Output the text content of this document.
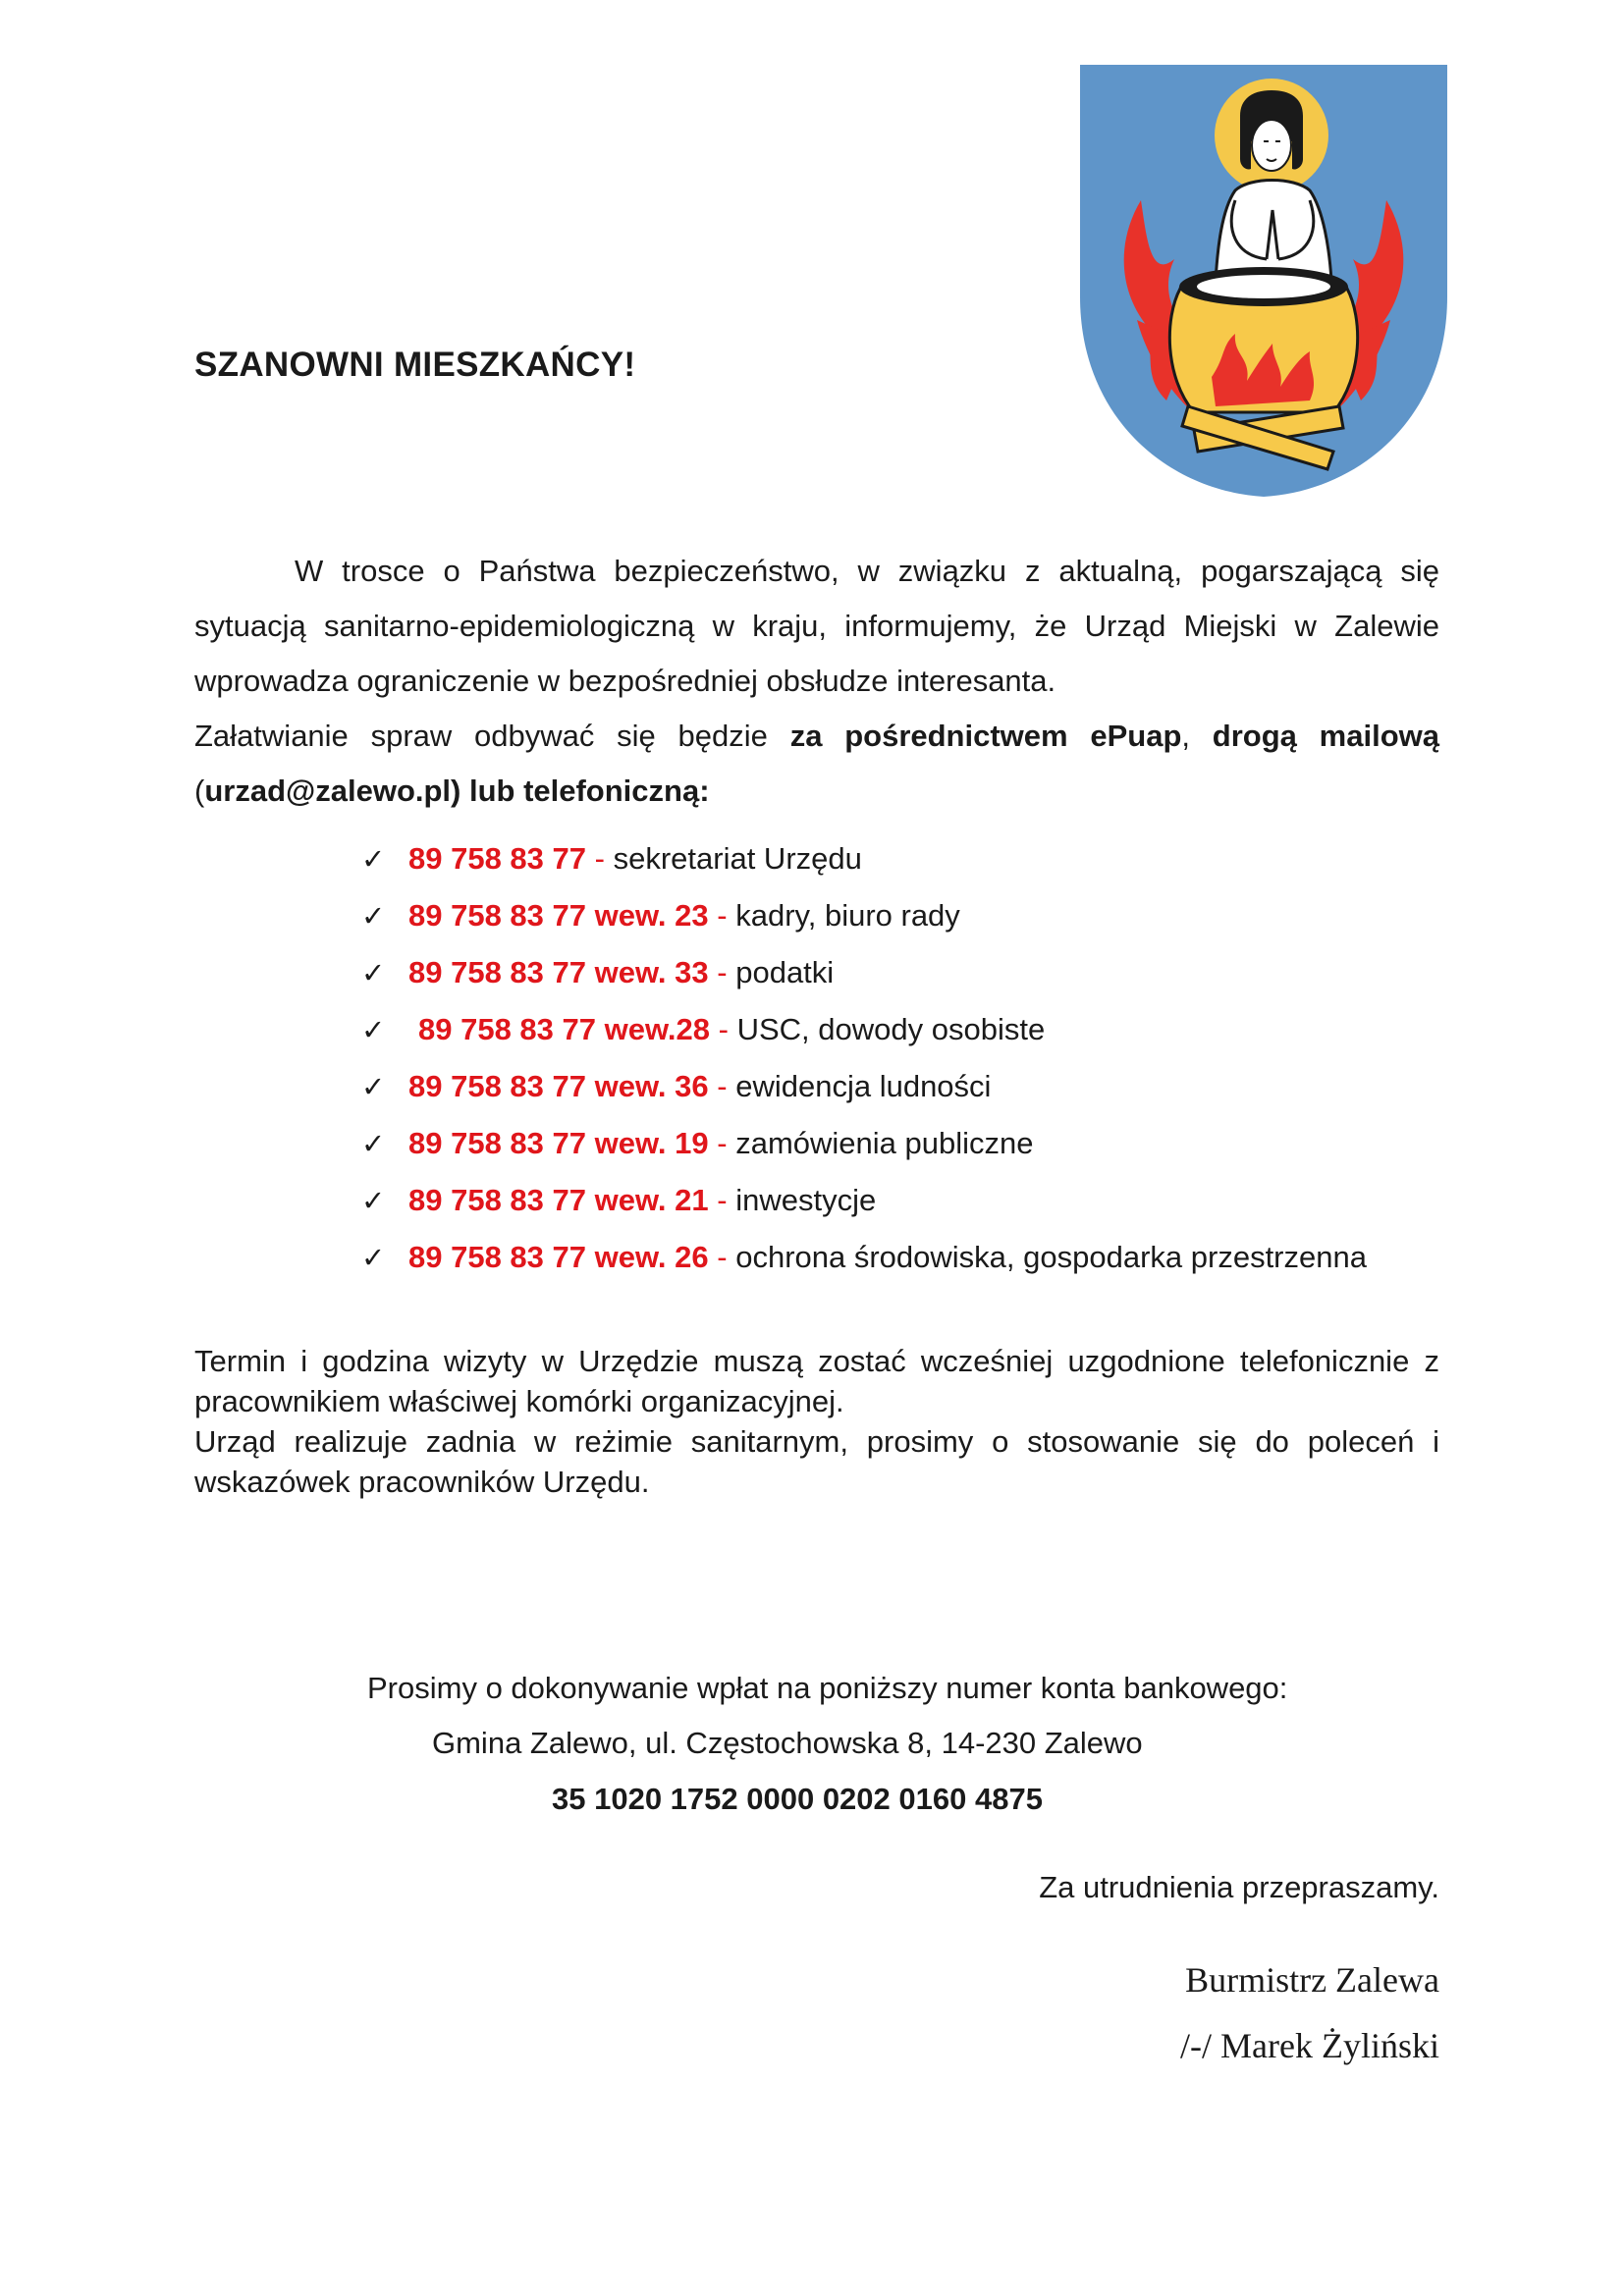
SZANOWNI MIESZKAŃCY!

W trosce o Państwa bezpieczeństwo, w związku z aktualną, pogarszającą się sytuacją sanitarno-epidemiologiczną w kraju, informujemy, że Urząd Miejski w Zalewie wprowadza ograniczenie w bezpośredniej obsłudze interesanta.

Załatwianie spraw odbywać się będzie za pośrednictwem ePuap, drogą mailową (urzad@zalewo.pl) lub telefoniczną:

✓ 89 758 83 77 - sekretariat Urzędu
✓ 89 758 83 77 wew. 23 - kadry, biuro rady
✓ 89 758 83 77 wew. 33 - podatki
✓ 89 758 83 77 wew.28 - USC, dowody osobiste
✓ 89 758 83 77 wew. 36 - ewidencja ludności
✓ 89 758 83 77 wew. 19 - zamówienia publiczne
✓ 89 758 83 77 wew. 21 - inwestycje
✓ 89 758 83 77 wew. 26 - ochrona środowiska, gospodarka przestrzenna

Termin i godzina wizyty w Urzędzie muszą zostać wcześniej uzgodnione telefonicznie z pracownikiem właściwej komórki organizacyjnej.

Urząd realizuje zadnia w reżimie sanitarnym, prosimy o stosowanie się do poleceń i wskazówek pracowników Urzędu.

Prosimy o dokonywanie wpłat na poniższy numer konta bankowego:
Gmina Zalewo, ul. Częstochowska 8, 14-230 Zalewo
35 1020 1752 0000 0202 0160 4875
Za utrudnienia przepraszamy.
Burmistrz Zalewa
/-/ Marek Żyliński
